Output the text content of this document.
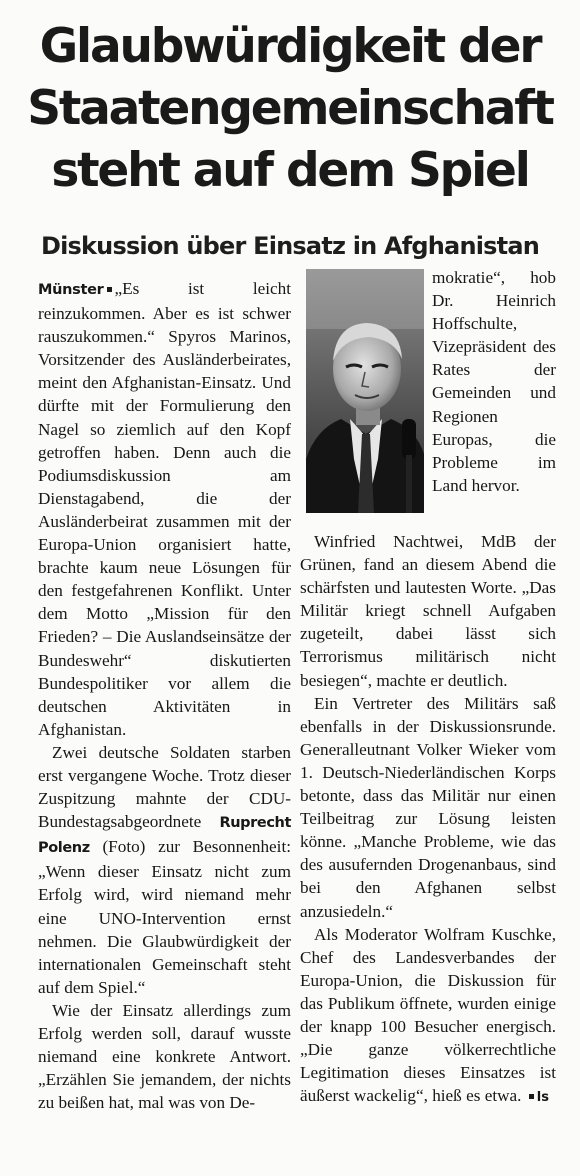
Glaubwürdigkeit der
Staatengemeinschaft
steht auf dem Spiel
Diskussion über Einsatz in Afghanistan

Münster „Es ist leicht reinzukommen. Aber es ist schwer rauszukommen.“ Spyros Marinos, Vorsitzender des Ausländerbeirates, meint den Afghanistan-Einsatz. Und dürfte mit der Formulierung den Nagel so ziemlich auf den Kopf getroffen haben. Denn auch die Podiumsdiskussion am Dienstagabend, die der Ausländerbeirat zusammen mit der Europa-Union organisiert hatte, brachte kaum neue Lösungen für den festgefahrenen Konflikt. Unter dem Motto „Mission für den Frieden? – Die Auslandseinsätze der Bundeswehr“ diskutierten Bundespolitiker vor allem die deutschen Aktivitäten in Afghanistan.

Zwei deutsche Soldaten starben erst vergangene Woche. Trotz dieser Zuspitzung mahnte der CDU-Bundestagsabgeordnete Ruprecht Polenz (Foto) zur Besonnenheit: „Wenn dieser Einsatz nicht zum Erfolg wird, wird niemand mehr eine UNO-Intervention ernst nehmen. Die Glaubwürdigkeit der internationalen Gemeinschaft steht auf dem Spiel.“

Wie der Einsatz allerdings zum Erfolg werden soll, darauf wusste niemand eine konkrete Antwort. „Erzählen Sie jemandem, der nichts zu beißen hat, mal was von De-

mokratie“, hob Dr. Heinrich Hoffschulte, Vizepräsident des Rates der Gemeinden und Regionen Europas, die Probleme im Land hervor.

Winfried Nachtwei, MdB der Grünen, fand an diesem Abend die schärfsten und lautesten Worte. „Das Militär kriegt schnell Aufgaben zugeteilt, dabei lässt sich Terrorismus militärisch nicht besiegen“, machte er deutlich.

Ein Vertreter des Militärs saß ebenfalls in der Diskussionsrunde. Generalleutnant Volker Wieker vom 1. Deutsch-Niederländischen Korps betonte, dass das Militär nur einen Teilbeitrag zur Lösung leisten könne. „Manche Probleme, wie das des ausufernden Drogenanbaus, sind bei den Afghanen selbst anzusiedeln.“

Als Moderator Wolfram Kuschke, Chef des Landesverbandes der Europa-Union, die Diskussion für das Publikum öffnete, wurden einige der knapp 100 Besucher energisch. „Die ganze völkerrechtliche Legitimation dieses Einsatzes ist äußerst wackelig“, hieß es etwa. ls
